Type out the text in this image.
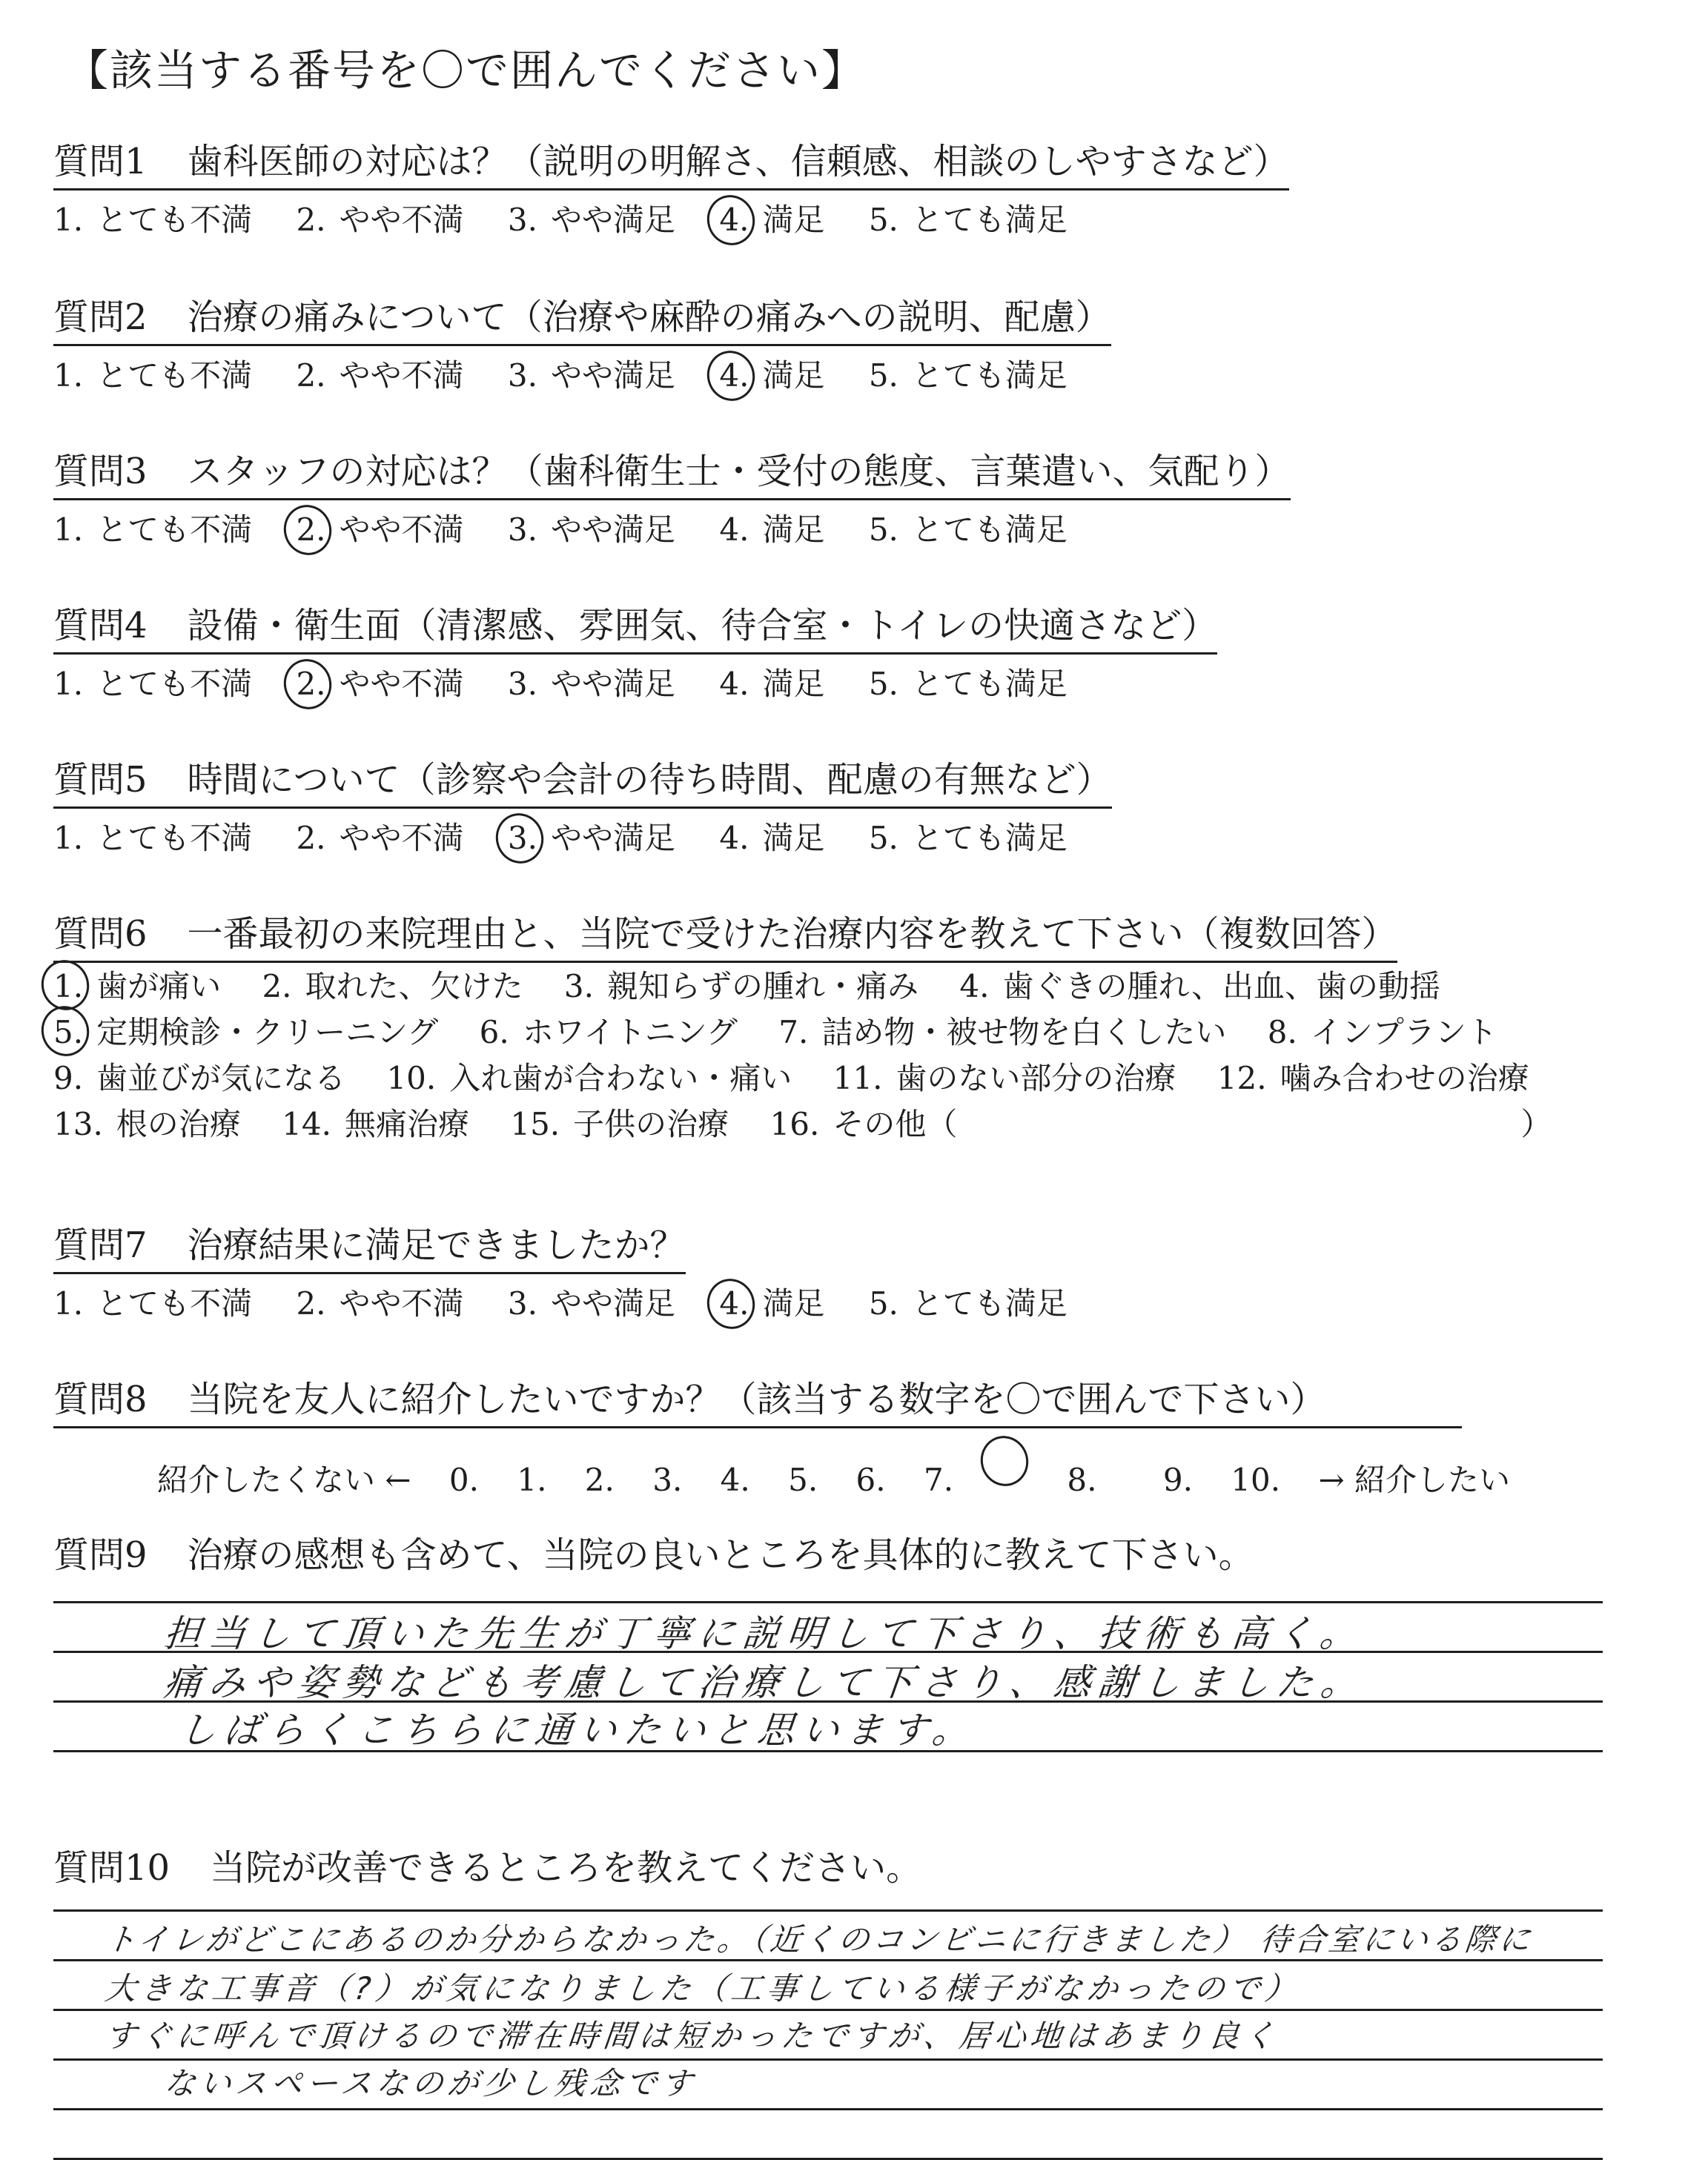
【該当する番号を〇で囲んでください】
質問1 歯科医師の対応は？（説明の明解さ、信頼感、相談のしやすさなど）
1. とても不満 2. やや不満 3. やや満足 4. 満足 5. とても満足
質問2 治療の痛みについて（治療や麻酔の痛みへの説明、配慮）
1. とても不満 2. やや不満 3. やや満足 4. 満足 5. とても満足
質問3 スタッフの対応は？（歯科衛生士・受付の態度、言葉遣い、気配り）
1. とても不満 2. やや不満 3. やや満足 4. 満足 5. とても満足
質問4 設備・衛生面（清潔感、雰囲気、待合室・トイレの快適さなど）
1. とても不満 2. やや不満 3. やや満足 4. 満足 5. とても満足
質問5 時間について（診察や会計の待ち時間、配慮の有無など）
1. とても不満 2. やや不満 3. やや満足 4. 満足 5. とても満足
質問6 一番最初の来院理由と、当院で受けた治療内容を教えて下さい（複数回答）
1. 歯が痛い 2. 取れた、欠けた 3. 親知らずの腫れ・痛み 4. 歯ぐきの腫れ、出血、歯の動揺
5. 定期検診・クリーニング 6. ホワイトニング 7. 詰め物・被せ物を白くしたい 8. インプラント
9. 歯並びが気になる 10. 入れ歯が合わない・痛い 11. 歯のない部分の治療 12. 噛み合わせの治療
13. 根の治療 14. 無痛治療 15. 子供の治療 16. その他（	）
質問7 治療結果に満足できましたか？
1. とても不満 2. やや不満 3. やや満足 4. 満足 5. とても満足
質問8 当院を友人に紹介したいですか？（該当する数字を〇で囲んで下さい）
紹介したくない ← 0. 1. 2. 3. 4. 5. 6. 7.	8. 9. 10. → 紹介したい
質問9 治療の感想も含めて、当院の良いところを具体的に教えて下さい。
担当して頂いた先生が丁寧に説明して下さり、技術も高く。
痛みや姿勢なども考慮して治療して下さり、感謝しました。
しばらくこちらに通いたいと思います。
質問10 当院が改善できるところを教えてください。
トイレがどこにあるのか分からなかった。（近くのコンビニに行きました） 待合室にいる際に
大きな工事音（?）が気になりました（工事している様子がなかったので）
すぐに呼んで頂けるので滞在時間は短かったですが、居心地はあまり良く
ないスペースなのが少し残念です
